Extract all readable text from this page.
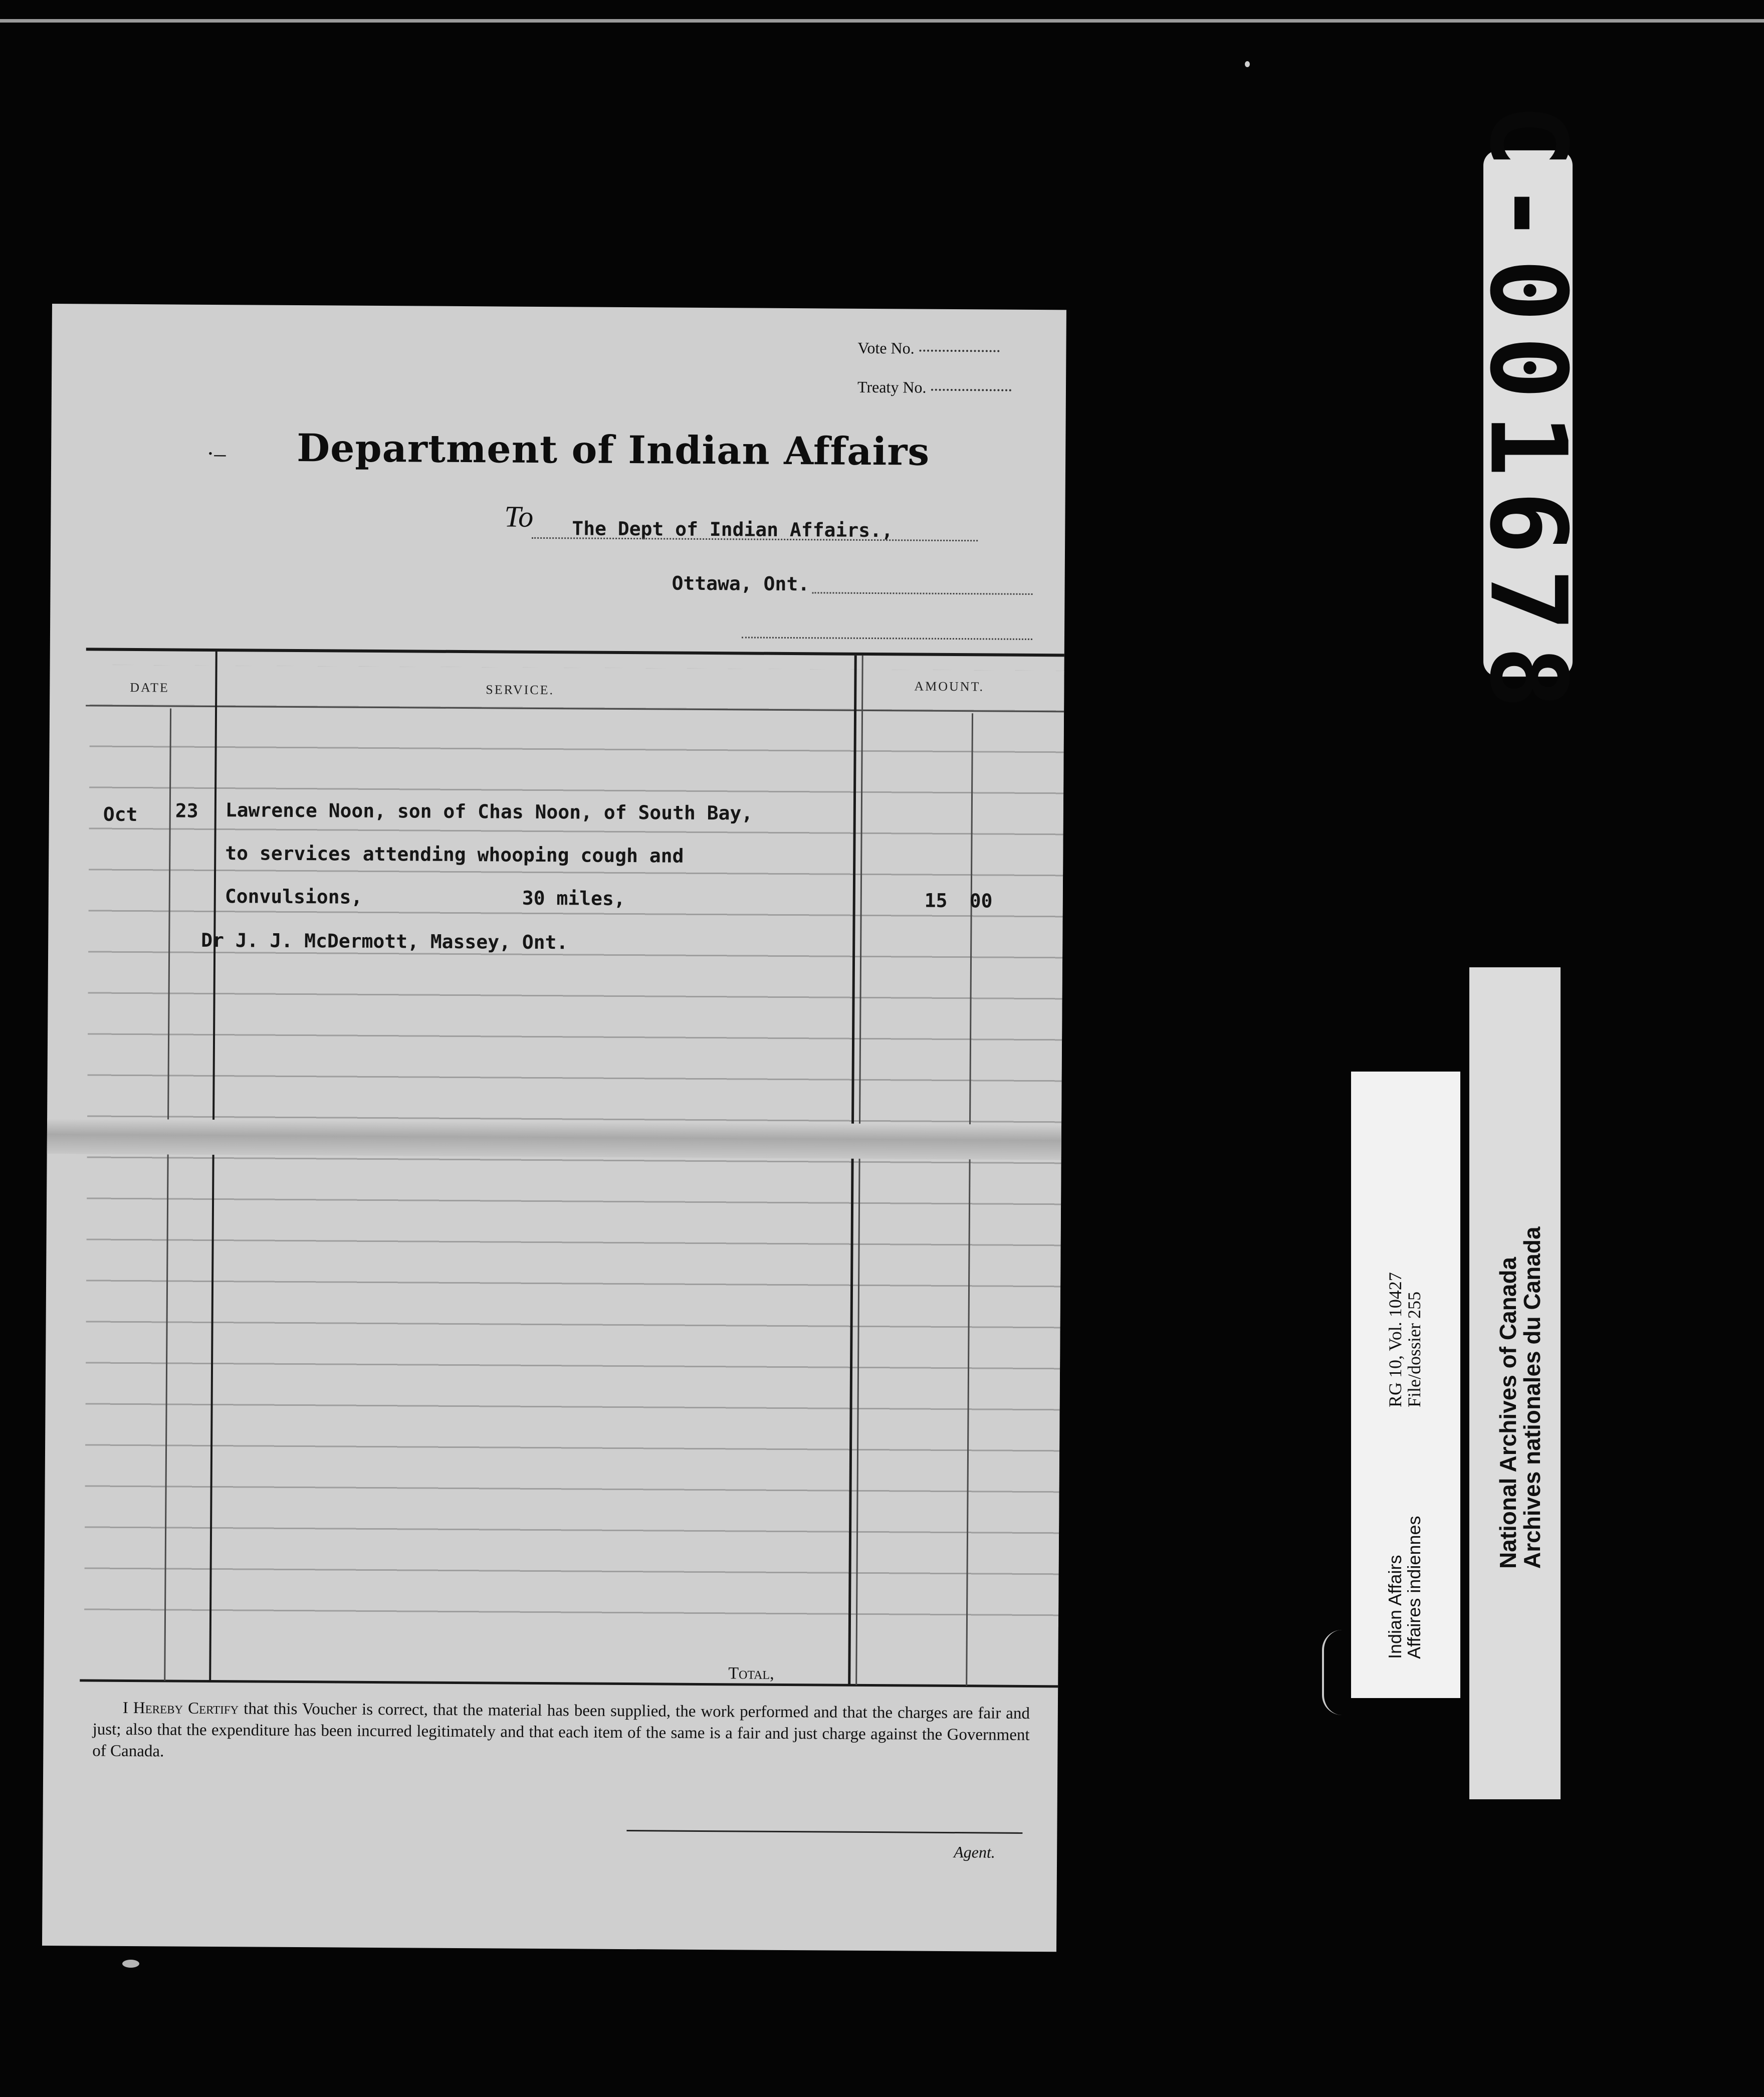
Vote No.
Treaty No.
·– Department of Indian Affairs
To The Dept of Indian Affairs.,
Ottawa, Ont.
DATE	SERVICE.	AMOUNT.
Oct 23 Lawrence Noon, son of Chas Noon, of South Bay,
to services attending whooping cough and
Convulsions,	30 miles,	15 00
Dr J. J. McDermott, Massey, Ont.
Total,
I Hereby Certify that this Voucher is correct, that the material has been supplied, the work performed and that the charges are fair and just; also that the expenditure has been incurred legitimately and that each item of the same is a fair and just charge against the Government of Canada.
Agent.
C-001678
Indian Affairs
Affaires indiennes
RG 10, Vol. 10427
File/dossier 255	National Archives of Canada
Archives nationales du Canada
